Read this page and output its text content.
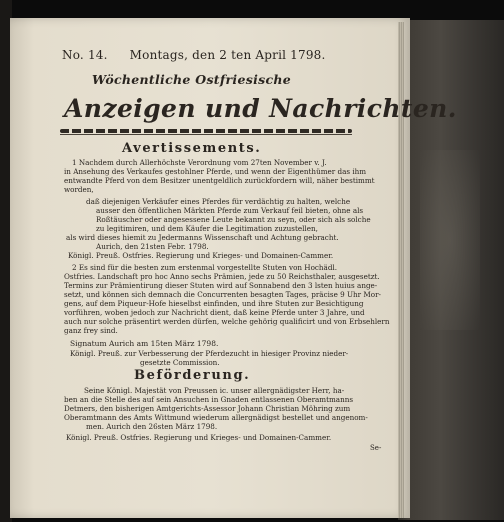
No. 14. Montags, den 2 ten April 1798.
Wöchentliche Ostfriesische
Anzeigen und Nachrichten.
Avertissements.
1 Nachdem durch Allerhöchste Verordnung vom 27ten November v. J.
in Ansehung des Verkaufes gestohlner Pferde, und wenn der Eigenthümer das ihm
entwandte Pferd von dem Besitzer unentgeldlich zurückfordern will, näher bestimmt
worden,
daß diejenigen Verkäufer eines Pferdes für verdächtig zu halten, welche
ausser den öffentlichen Märkten Pferde zum Verkauf feil bieten, ohne als
Roßtäuscher oder angesessene Leute bekannt zu seyn, oder sich als solche
zu legitimiren, und dem Käufer die Legitimation zuzustellen,
als wird dieses hiemit zu Jedermanns Wissenschaft und Achtung gebracht.
Aurich, den 21sten Febr. 1798.
Königl. Preuß. Ostfries. Regierung und Krieges- und Domainen-Cammer.
2 Es sind für die besten zum erstenmal vorgestellte Stuten von Hochädl.
Ostfries. Landschaft pro hoc Anno sechs Prämien, jede zu 50 Reichsthaler, ausgesetzt.
Termins zur Prämientirung dieser Stuten wird auf Sonnabend den 3 lsten huius ange-
setzt, und können sich demnach die Concurrenten besagten Tages, präcise 9 Uhr Mor-
gens, auf dem Piqueur-Hofe hieselbst einfinden, und ihre Stuten zur Besichtigung
vorführen, woben jedoch zur Nachricht dient, daß keine Pferde unter 3 Jahre, und
auch nur solche präsentirt werden dürfen, welche gehörig qualificirt und von Erbsehlern
ganz frey sind.
Signatum Aurich am 15ten März 1798.
Königl. Preuß. zur Verbesserung der Pferdezucht in hiesiger Provinz nieder-
gesetzte Commission.
Beförderung.
Seine Königl. Majestät von Preussen ic. unser allergnädigster Herr, ha-
ben an die Stelle des auf sein Ansuchen in Gnaden entlassenen Oberamtmanns
Detmers, den bisherigen Amtgerichts-Assessor Johann Christian Möhring zum
Oberamtmann des Amts Wittmund wiederum allergnädigst bestellet und angenom-
men. Aurich den 26sten März 1798.
Königl. Preuß. Ostfries. Regierung und Krieges- und Domainen-Cammer.
Se-
